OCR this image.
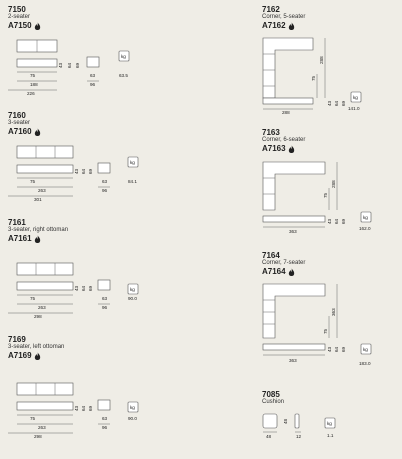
7150
2-seater
A7150
kg
75
188
226
43 64 69
63
96
63.5
7160
3-seater
A7160
kg
75
263
301
43 64 69
63
96
84.1
7161
3-seater, right ottoman
A7161
kg
75
263
298
43 64 69
63
96
90.0
7169
3-seater, left ottoman
A7169
kg
75
263
298
43 64 69
63
96
90.0
7162
Corner, 5-seater
A7162
kg
288
75
288
43 64 69
141.0
7163
Corner, 6-seater
A7163
kg
363
75
288
43 64 69
162.0
7164
Corner, 7-seater
A7164
kg
363
75
363
43 64 69
183.0
7085
Cushion
kg
48
48
12	1.1
